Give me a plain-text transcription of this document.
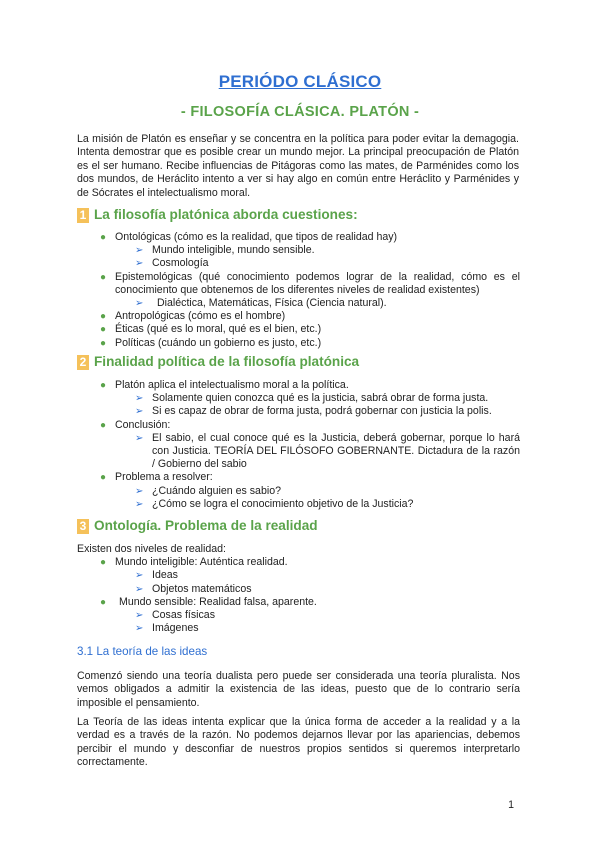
PERIÓDO CLÁSICO
- FILOSOFÍA CLÁSICA. PLATÓN -
La misión de Platón es enseñar y se concentra en la política para poder evitar la demagogia. Intenta demostrar que es posible crear un mundo mejor. La principal preocupación de Platón es el ser humano. Recibe influencias de Pitágoras como las mates, de Parménides como los dos mundos, de Heráclito intento a ver si hay algo en común entre Heráclito y Parménides y de Sócrates el intelectualismo moral.
1 La filosofía platónica aborda cuestiones:
● Ontológicas (cómo es la realidad, que tipos de realidad hay)
➢ Mundo inteligible, mundo sensible.
➢ Cosmología
● Epistemológicas (qué conocimiento podemos lograr de la realidad, cómo es el conocimiento que obtenemos de los diferentes niveles de realidad existentes)
➢ Dialéctica, Matemáticas, Física (Ciencia natural).
● Antropológicas (cómo es el hombre)
● Éticas (qué es lo moral, qué es el bien, etc.)
● Políticas (cuándo un gobierno es justo, etc.)
2 Finalidad política de la filosofía platónica
● Platón aplica el intelectualismo moral a la política.
➢ Solamente quien conozca qué es la justicia, sabrá obrar de forma justa.
➢ Si es capaz de obrar de forma justa, podrá gobernar con justicia la polis.
● Conclusión:
➢ El sabio, el cual conoce qué es la Justicia, deberá gobernar, porque lo hará con Justicia. TEORÍA DEL FILÓSOFO GOBERNANTE. Dictadura de la razón / Gobierno del sabio
● Problema a resolver:
➢ ¿Cuándo alguien es sabio?
➢ ¿Cómo se logra el conocimiento objetivo de la Justicia?
3 Ontología. Problema de la realidad
Existen dos niveles de realidad:
● Mundo inteligible: Auténtica realidad.
➢ Ideas
➢ Objetos matemáticos
● Mundo sensible: Realidad falsa, aparente.
➢ Cosas físicas
➢ Imágenes
3.1 La teoría de las ideas
Comenzó siendo una teoría dualista pero puede ser considerada una teoría pluralista. Nos vemos obligados a admitir la existencia de las ideas, puesto que de lo contrario sería imposible el pensamiento.
La Teoría de las ideas intenta explicar que la única forma de acceder a la realidad y a la verdad es a través de la razón. No podemos dejarnos llevar por las apariencias, debemos percibir el mundo y desconfiar de nuestros propios sentidos si queremos interpretarlo correctamente.
1
